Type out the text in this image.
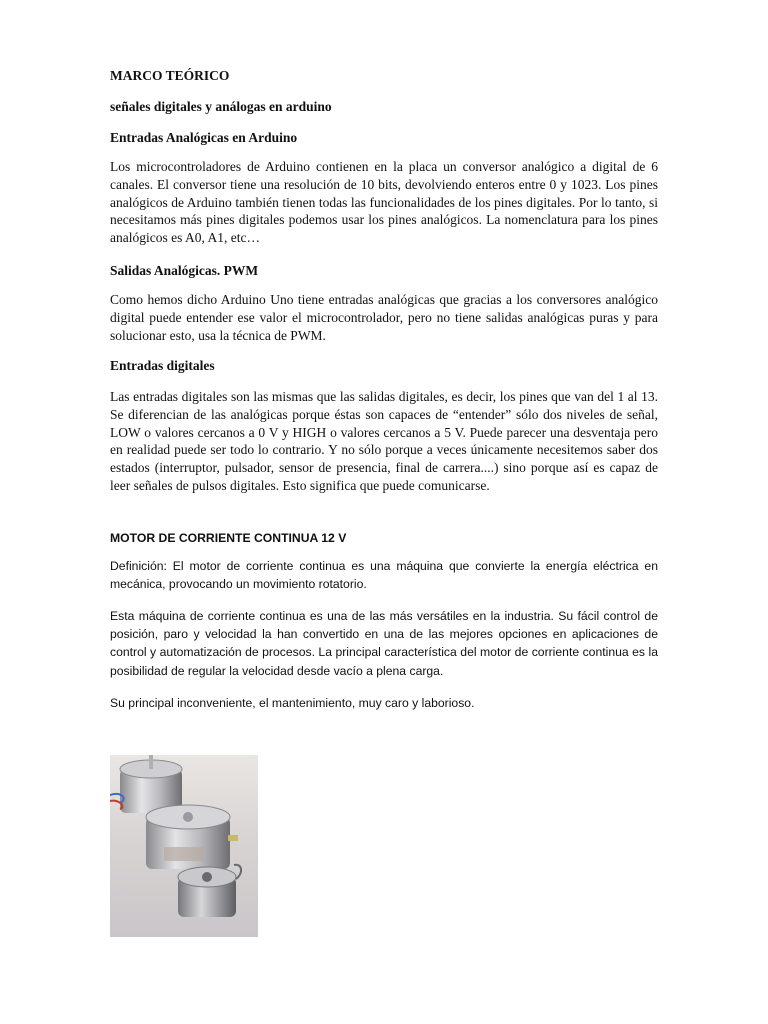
MARCO TEÓRICO

señales digitales y análogas en arduino

Entradas Analógicas en Arduino

Los microcontroladores de Arduino contienen en la placa un conversor analógico a digital de 6 canales. El conversor tiene una resolución de 10 bits, devolviendo enteros entre 0 y 1023. Los pines analógicos de Arduino también tienen todas las funcionalidades de los pines digitales. Por lo tanto, si necesitamos más pines digitales podemos usar los pines analógicos. La nomenclatura para los pines analógicos es A0, A1, etc…

Salidas Analógicas. PWM

Como hemos dicho Arduino Uno tiene entradas analógicas que gracias a los conversores analógico digital puede entender ese valor el microcontrolador, pero no tiene salidas analógicas puras y para solucionar esto, usa la técnica de PWM.

Entradas digitales

Las entradas digitales son las mismas que las salidas digitales, es decir, los pines que van del 1 al 13. Se diferencian de las analógicas porque éstas son capaces de “entender” sólo dos niveles de señal, LOW o valores cercanos a 0 V y HIGH o valores cercanos a 5 V. Puede parecer una desventaja pero en realidad puede ser todo lo contrario. Y no sólo porque a veces únicamente necesitemos saber dos estados (interruptor, pulsador, sensor de presencia, final de carrera....) sino porque así es capaz de leer señales de pulsos digitales. Esto significa que puede comunicarse.

MOTOR DE CORRIENTE CONTINUA 12 V

Definición: El motor de corriente continua es una máquina que convierte la energía eléctrica en mecánica, provocando un movimiento rotatorio.

Esta máquina de corriente continua es una de las más versátiles en la industria. Su fácil control de posición, paro y velocidad la han convertido en una de las mejores opciones en aplicaciones de control y automatización de procesos. La principal característica del motor de corriente continua es la posibilidad de regular la velocidad desde vacío a plena carga.

Su principal inconveniente, el mantenimiento, muy caro y laborioso.
